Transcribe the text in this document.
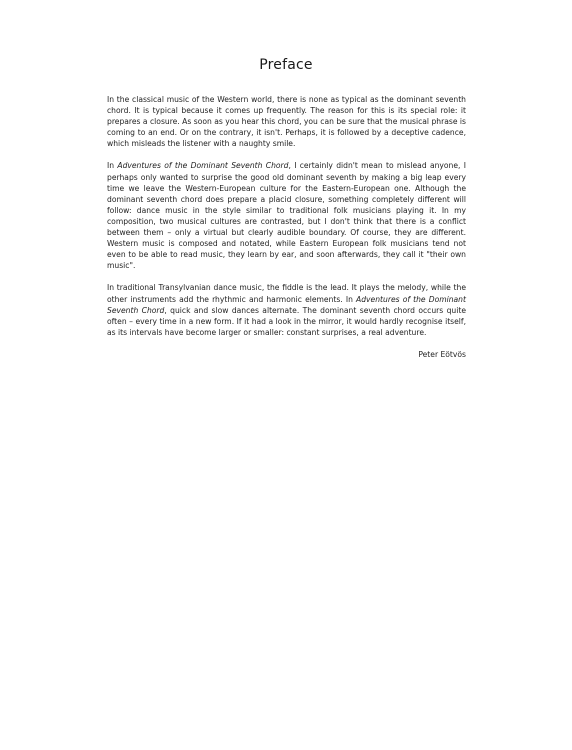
Preface

In the classical music of the Western world, there is none as typical as the dominant seventh chord. It is typical because it comes up frequently. The reason for this is its special role: it prepares a closure. As soon as you hear this chord, you can be sure that the musical phrase is coming to an end. Or on the contrary, it isn't. Perhaps, it is followed by a deceptive cadence, which misleads the listener with a naughty smile.

In Adventures of the Dominant Seventh Chord, I certainly didn't mean to mislead anyone, I perhaps only wanted to surprise the good old dominant seventh by making a big leap every time we leave the Western-European culture for the Eastern-European one. Although the dominant seventh chord does prepare a placid closure, something completely different will follow: dance music in the style similar to traditional folk musicians playing it. In my composition, two musical cultures are contrasted, but I don't think that there is a conflict between them – only a virtual but clearly audible boundary. Of course, they are different. Western music is composed and notated, while Eastern European folk musicians tend not even to be able to read music, they learn by ear, and soon afterwards, they call it "their own music".

In traditional Transylvanian dance music, the fiddle is the lead. It plays the melody, while the other instruments add the rhythmic and harmonic elements. In Adventures of the Dominant Seventh Chord, quick and slow dances alternate. The dominant seventh chord occurs quite often – every time in a new form. If it had a look in the mirror, it would hardly recognise itself, as its intervals have become larger or smaller: constant surprises, a real adventure.

Peter Eötvös
